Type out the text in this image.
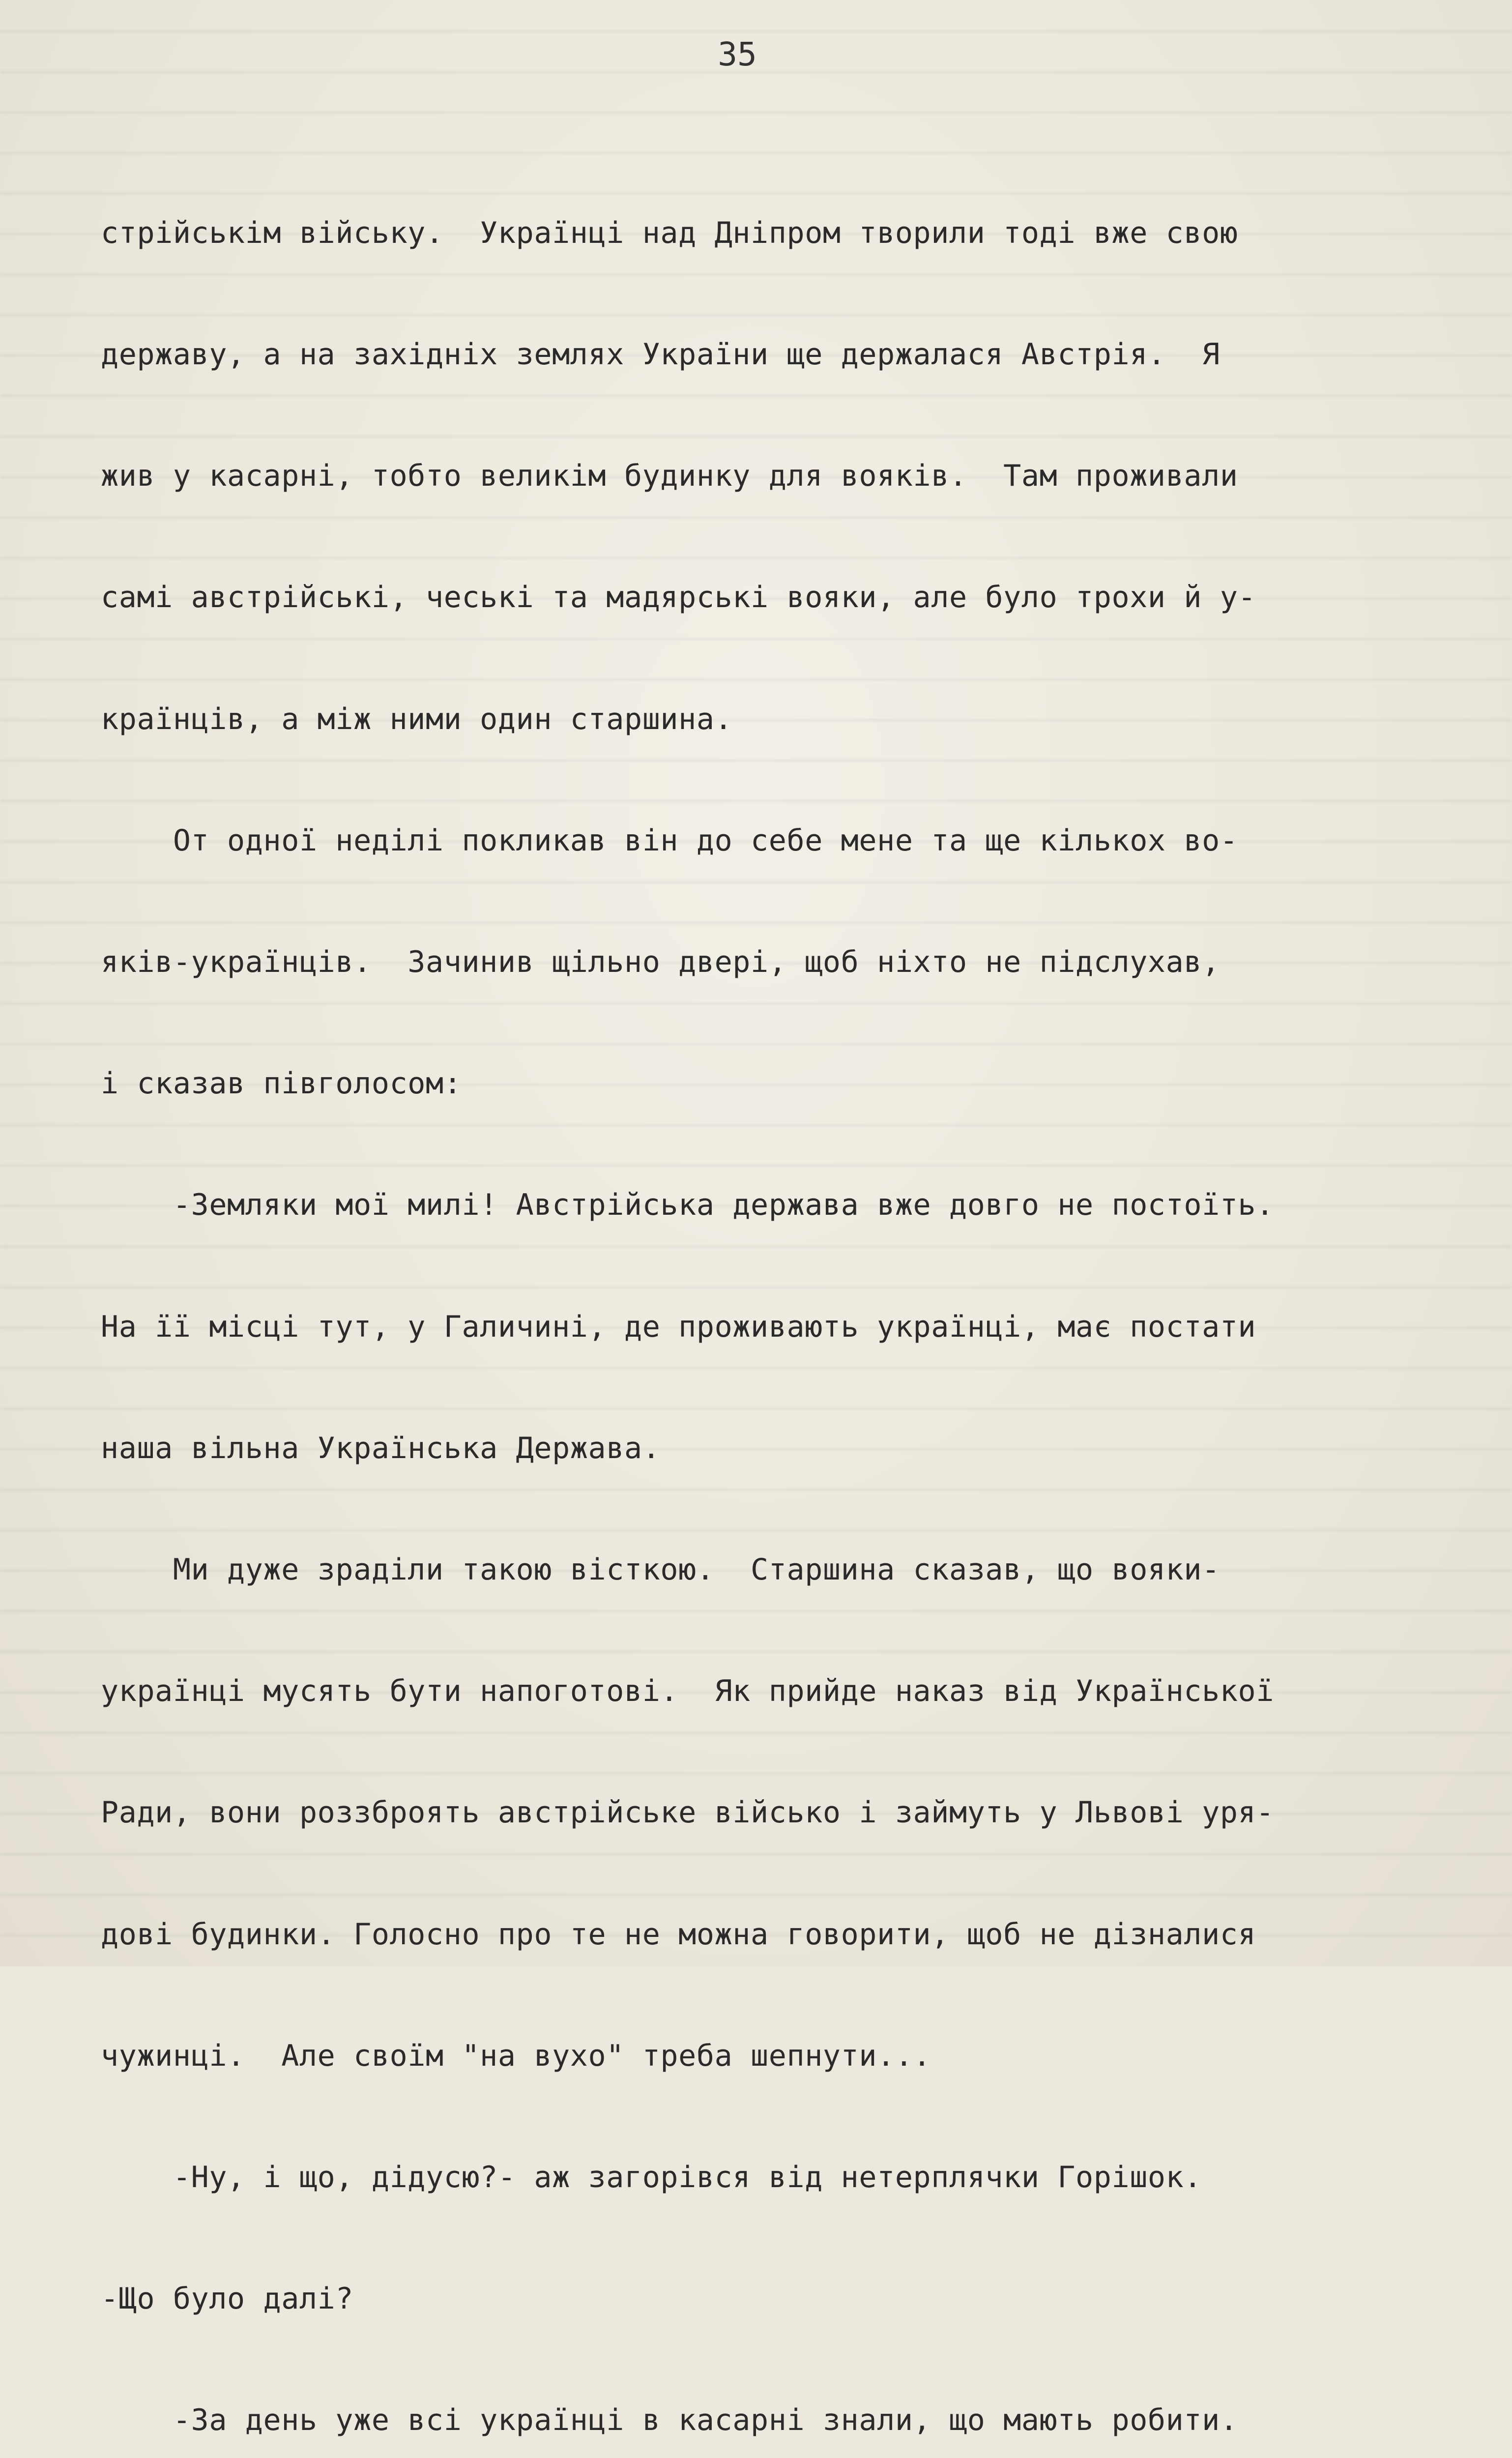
35

стрійськім війську.  Українці над Дніпром творили тоді вже свою

державу, а на західніх землях України ще держалася Австрія.  Я

жив у касарні, тобто великім будинку для вояків.  Там проживали

самі австрійські, чеські та мадярські вояки, але було трохи й у-

країнців, а між ними один старшина.

От одної неділі покликав він до себе мене та ще кількох во-

яків-українців.  Зачинив щільно двері, щоб ніхто не підслухав,

і сказав півголосом:

-Земляки мої милі! Австрійська держава вже довго не постоїть.

На її місці тут, у Галичині, де проживають українці, має постати

наша вільна Українська Держава.

Ми дуже зраділи такою вісткою.  Старшина сказав, що вояки-

українці мусять бути напоготові.  Як прийде наказ від Української

Ради, вони роззброять австрійське військо і займуть у Львові уря-

дові будинки. Голосно про те не можна говорити, щоб не дізналися

чужинці.  Але своїм "на вухо" треба шепнути...

-Ну, і що, дідусю?- аж загорівся від нетерплячки Горішок.

-Що було далі?

-За день уже всі українці в касарні знали, що мають робити.
